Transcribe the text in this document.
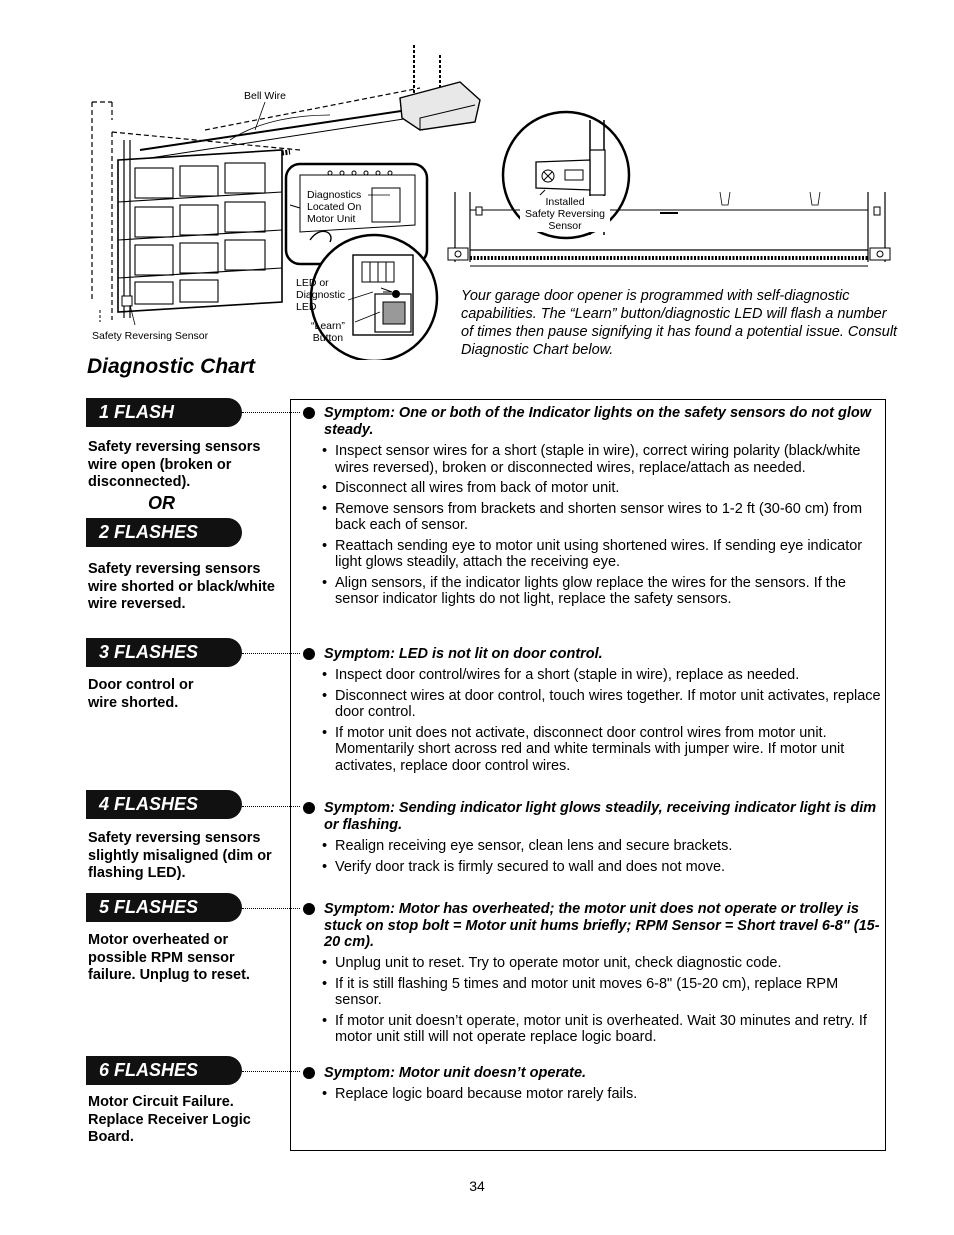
Bell Wire
Safety Reversing Sensor
Diagnostics
Located On
Motor Unit
LED or
Diagnostic
LED
“Learn”
Button
Installed
Safety Reversing
Sensor
Your garage door opener is programmed with self-diagnostic capabilities. The “Learn” button/diagnostic LED will flash a number of times then pause signifying it has found a potential issue. Consult Diagnostic Chart below.
Diagnostic Chart
1 FLASH
Safety reversing sensors wire open (broken or disconnected).
OR
2 FLASHES
Safety reversing sensors wire shorted or black/white wire reversed.
3 FLASHES
Door control or wire shorted.
4 FLASHES
Safety reversing sensors slightly misaligned (dim or flashing LED).
5 FLASHES
Motor overheated or possible RPM sensor failure. Unplug to reset.
6 FLASHES
Motor Circuit Failure. Replace Receiver Logic Board.
Symptom: One or both of the Indicator lights on the safety sensors do not glow steady.
• Inspect sensor wires for a short (staple in wire), correct wiring polarity (black/white wires reversed), broken or disconnected wires, replace/attach as needed.
• Disconnect all wires from back of motor unit.
• Remove sensors from brackets and shorten sensor wires to 1-2 ft (30-60 cm) from back each of sensor.
• Reattach sending eye to motor unit using shortened wires. If sending eye indicator light glows steadily, attach the receiving eye.
• Align sensors, if the indicator lights glow replace the wires for the sensors. If the sensor indicator lights do not light, replace the safety sensors.
Symptom: LED is not lit on door control.
• Inspect door control/wires for a short (staple in wire), replace as needed.
• Disconnect wires at door control, touch wires together. If motor unit activates, replace door control.
• If motor unit does not activate, disconnect door control wires from motor unit. Momentarily short across red and white terminals with jumper wire. If motor unit activates, replace door control wires.
Symptom: Sending indicator light glows steadily, receiving indicator light is dim or flashing.
• Realign receiving eye sensor, clean lens and secure brackets.
• Verify door track is firmly secured to wall and does not move.
Symptom: Motor has overheated; the motor unit does not operate or trolley is stuck on stop bolt = Motor unit hums briefly; RPM Sensor = Short travel 6-8" (15-20 cm).
• Unplug unit to reset. Try to operate motor unit, check diagnostic code.
• If it is still flashing 5 times and motor unit moves 6-8" (15-20 cm), replace RPM sensor.
• If motor unit doesn’t operate, motor unit is overheated. Wait 30 minutes and retry. If motor unit still will not operate replace logic board.
Symptom: Motor unit doesn’t operate.
• Replace logic board because motor rarely fails.
34
